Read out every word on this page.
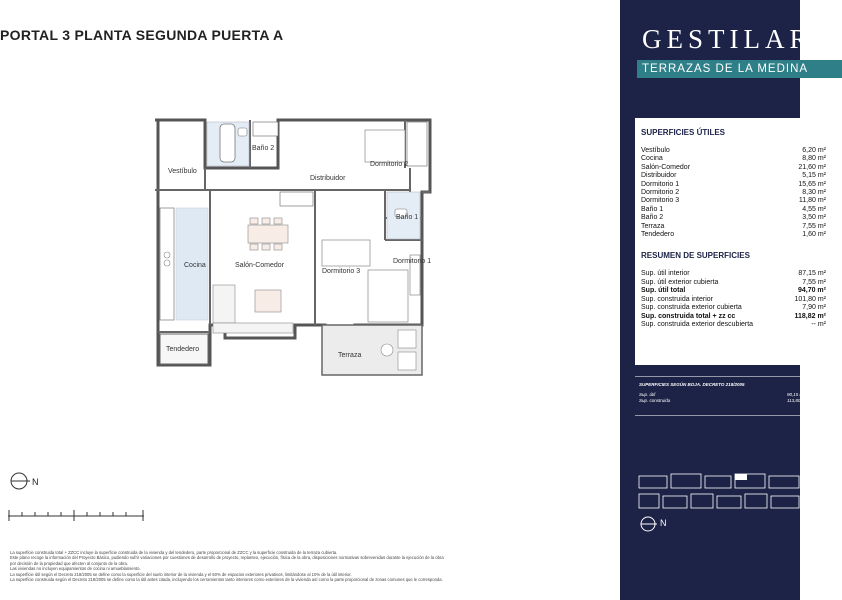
PORTAL 3 PLANTA SEGUNDA PUERTA A
Baño 2
Vestíbulo
Distribuidor
Dormitorio 2
Baño 1
Cocina	Salón-Comedor
Dormitorio 3
Dormitorio 1
Tendedero
Terraza
N
La superficie construida total + ZZCC incluye la superficie construida de la vivienda y del tendedero, parte proporcional de ZZCC y la superficie construida de la terraza cubierta.
Este plano recoge la información del Proyecto Básico, pudiendo sufrir variaciones por cuestiones de desarrollo de proyecto, replanteo, ejecución, física de la obra, disposiciones normativas sobrevenidas durante la ejecución de la obra
por decisión de la propiedad que afecten al conjunto de la obra.
Las viviendas no incluyen equipamientos de cocina ni amueblamiento.
La superficie útil según el Decreto 218/2005 se define como la superficie del suelo interior de la vivienda y el 50% de espacios exteriores privativos, limitándose al 10% de la útil interior.
La superficie construida según el Decreto 218/2005 se define como la útil antes citada, incluyendo los cerramientos tanto interiores como exteriores de la vivienda así como la parte proporcional de zonas comunes que le corresponda.
GESTILAR
TERRAZAS DE LA MEDINA
SUPERFICIES ÚTILES
Vestíbulo	6,20 m²
Cocina	8,80 m²
Salón-Comedor	21,60 m²
Distribuidor	5,15 m²
Dormitorio 1	15,65 m²
Dormitorio 2	8,30 m²
Dormitorio 3	11,80 m²
Baño 1	4,55 m²
Baño 2	3,50 m²
Terraza	7,55 m²
Tendedero	1,60 m²
RESUMEN DE SUPERFICIES
Sup. útil interior	87,15 m²
Sup. útil exterior cubierta	7,55 m²
Sup. útil total	94,70 m²
Sup. construida interior	101,80 m²
Sup. construida exterior cubierta	7,90 m²
Sup. construida total + zz cc	118,82 m²
Sup. construida exterior descubierta	-- m²
SUPERFICIES SEGÚN BOJA. DECRETO 218/2005
Sup. útil	90,15 m²
Sup. construida	113,80 m²
N
